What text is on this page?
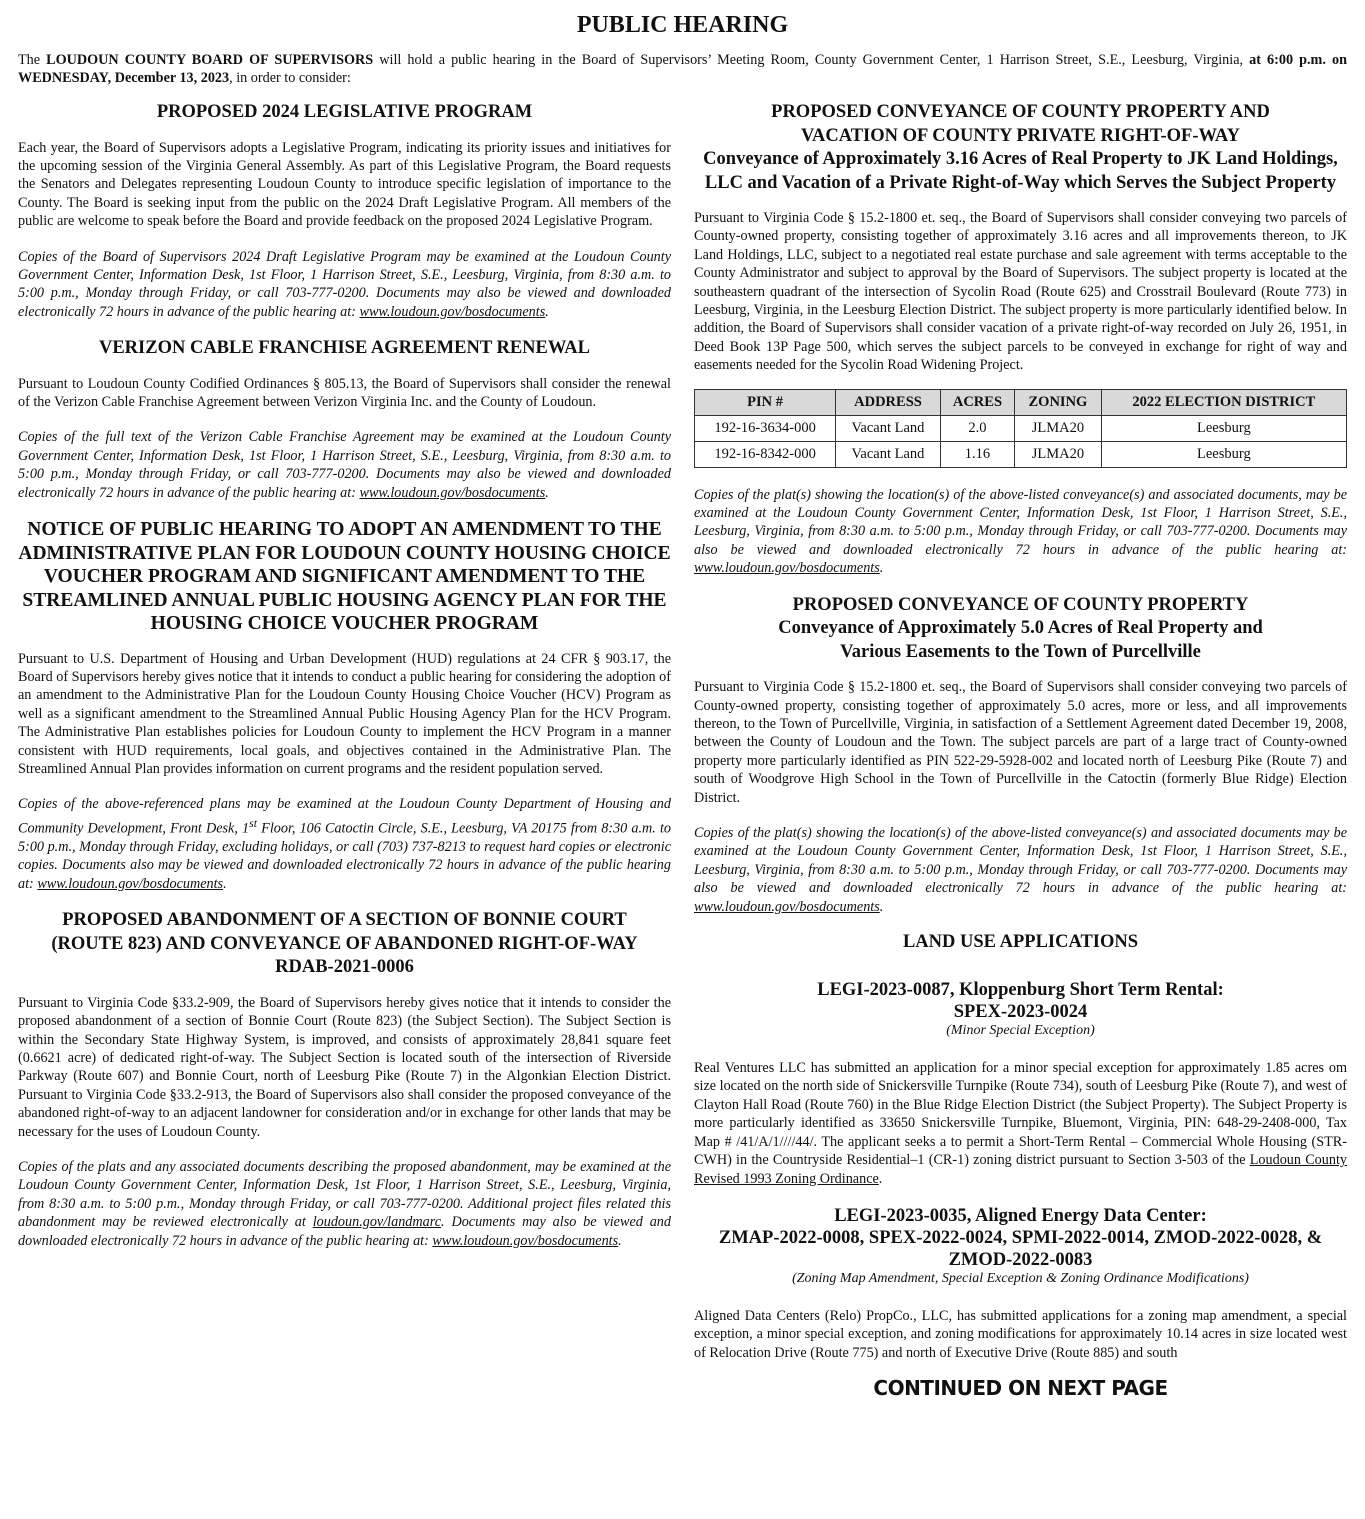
PUBLIC HEARING
The LOUDOUN COUNTY BOARD OF SUPERVISORS will hold a public hearing in the Board of Supervisors’ Meeting Room, County Government Center, 1 Harrison Street, S.E., Leesburg, Virginia, at 6:00 p.m. on WEDNESDAY, December 13, 2023, in order to consider:
PROPOSED 2024 LEGISLATIVE PROGRAM

Each year, the Board of Supervisors adopts a Legislative Program, indicating its priority issues and initiatives for the upcoming session of the Virginia General Assembly. As part of this Legislative Program, the Board requests the Senators and Delegates representing Loudoun County to introduce specific legislation of importance to the County. The Board is seeking input from the public on the 2024 Draft Legislative Program. All members of the public are welcome to speak before the Board and provide feedback on the proposed 2024 Legislative Program.

Copies of the Board of Supervisors 2024 Draft Legislative Program may be examined at the Loudoun County Government Center, Information Desk, 1st Floor, 1 Harrison Street, S.E., Leesburg, Virginia, from 8:30 a.m. to 5:00 p.m., Monday through Friday, or call 703-777-0200. Documents may also be viewed and downloaded electronically 72 hours in advance of the public hearing at: www.loudoun.gov/bosdocuments.

VERIZON CABLE FRANCHISE AGREEMENT RENEWAL

Pursuant to Loudoun County Codified Ordinances § 805.13, the Board of Supervisors shall consider the renewal of the Verizon Cable Franchise Agreement between Verizon Virginia Inc. and the County of Loudoun.

Copies of the full text of the Verizon Cable Franchise Agreement may be examined at the Loudoun County Government Center, Information Desk, 1st Floor, 1 Harrison Street, S.E., Leesburg, Virginia, from 8:30 a.m. to 5:00 p.m., Monday through Friday, or call 703-777-0200. Documents may also be viewed and downloaded electronically 72 hours in advance of the public hearing at: www.loudoun.gov/bosdocuments.

NOTICE OF PUBLIC HEARING TO ADOPT AN AMENDMENT TO THE ADMINISTRATIVE PLAN FOR LOUDOUN COUNTY HOUSING CHOICE VOUCHER PROGRAM AND SIGNIFICANT AMENDMENT TO THE STREAMLINED ANNUAL PUBLIC HOUSING AGENCY PLAN FOR THE HOUSING CHOICE VOUCHER PROGRAM

Pursuant to U.S. Department of Housing and Urban Development (HUD) regulations at 24 CFR § 903.17, the Board of Supervisors hereby gives notice that it intends to conduct a public hearing for considering the adoption of an amendment to the Administrative Plan for the Loudoun County Housing Choice Voucher (HCV) Program as well as a significant amendment to the Streamlined Annual Public Housing Agency Plan for the HCV Program. The Administrative Plan establishes policies for Loudoun County to implement the HCV Program in a manner consistent with HUD requirements, local goals, and objectives contained in the Administrative Plan. The Streamlined Annual Plan provides information on current programs and the resident population served.

Copies of the above-referenced plans may be examined at the Loudoun County Department of Housing and Community Development, Front Desk, 1st Floor, 106 Catoctin Circle, S.E., Leesburg, VA 20175 from 8:30 a.m. to 5:00 p.m., Monday through Friday, excluding holidays, or call (703) 737-8213 to request hard copies or electronic copies. Documents also may be viewed and downloaded electronically 72 hours in advance of the public hearing at: www.loudoun.gov/bosdocuments.

PROPOSED ABANDONMENT OF A SECTION OF BONNIE COURT
(ROUTE 823) AND CONVEYANCE OF ABANDONED RIGHT-OF-WAY
RDAB-2021-0006

Pursuant to Virginia Code §33.2-909, the Board of Supervisors hereby gives notice that it intends to consider the proposed abandonment of a section of Bonnie Court (Route 823) (the Subject Section). The Subject Section is within the Secondary State Highway System, is improved, and consists of approximately 28,841 square feet (0.6621 acre) of dedicated right-of-way. The Subject Section is located south of the intersection of Riverside Parkway (Route 607) and Bonnie Court, north of Leesburg Pike (Route 7) in the Algonkian Election District. Pursuant to Virginia Code §33.2-913, the Board of Supervisors also shall consider the proposed conveyance of the abandoned right-of-way to an adjacent landowner for consideration and/or in exchange for other lands that may be necessary for the uses of Loudoun County.

Copies of the plats and any associated documents describing the proposed abandonment, may be examined at the Loudoun County Government Center, Information Desk, 1st Floor, 1 Harrison Street, S.E., Leesburg, Virginia, from 8:30 a.m. to 5:00 p.m., Monday through Friday, or call 703-777-0200. Additional project files related this abandonment may be reviewed electronically at loudoun.gov/landmarc. Documents may also be viewed and downloaded electronically 72 hours in advance of the public hearing at: www.loudoun.gov/bosdocuments.

PROPOSED CONVEYANCE OF COUNTY PROPERTY AND
VACATION OF COUNTY PRIVATE RIGHT-OF-WAY
Conveyance of Approximately 3.16 Acres of Real Property to JK Land Holdings, LLC and Vacation of a Private Right-of-Way which Serves the Subject Property

Pursuant to Virginia Code § 15.2-1800 et. seq., the Board of Supervisors shall consider conveying two parcels of County-owned property, consisting together of approximately 3.16 acres and all improvements thereon, to JK Land Holdings, LLC, subject to a negotiated real estate purchase and sale agreement with terms acceptable to the County Administrator and subject to approval by the Board of Supervisors. The subject property is located at the southeastern quadrant of the intersection of Sycolin Road (Route 625) and Crosstrail Boulevard (Route 773) in Leesburg, Virginia, in the Leesburg Election District. The subject property is more particularly identified below. In addition, the Board of Supervisors shall consider vacation of a private right-of-way recorded on July 26, 1951, in Deed Book 13P Page 500, which serves the subject parcels to be conveyed in exchange for right of way and easements needed for the Sycolin Road Widening Project.

PIN #	ADDRESS	ACRES	ZONING	2022 ELECTION DISTRICT
192-16-3634-000	Vacant Land	2.0	JLMA20	Leesburg
192-16-8342-000	Vacant Land	1.16	JLMA20	Leesburg

Copies of the plat(s) showing the location(s) of the above-listed conveyance(s) and associated documents, may be examined at the Loudoun County Government Center, Information Desk, 1st Floor, 1 Harrison Street, S.E., Leesburg, Virginia, from 8:30 a.m. to 5:00 p.m., Monday through Friday, or call 703-777-0200. Documents may also be viewed and downloaded electronically 72 hours in advance of the public hearing at: www.loudoun.gov/bosdocuments.

PROPOSED CONVEYANCE OF COUNTY PROPERTY
Conveyance of Approximately 5.0 Acres of Real Property and
Various Easements to the Town of Purcellville

Pursuant to Virginia Code § 15.2-1800 et. seq., the Board of Supervisors shall consider conveying two parcels of County-owned property, consisting together of approximately 5.0 acres, more or less, and all improvements thereon, to the Town of Purcellville, Virginia, in satisfaction of a Settlement Agreement dated December 19, 2008, between the County of Loudoun and the Town. The subject parcels are part of a large tract of County-owned property more particularly identified as PIN 522-29-5928-002 and located north of Leesburg Pike (Route 7) and south of Woodgrove High School in the Town of Purcellville in the Catoctin (formerly Blue Ridge) Election District.

Copies of the plat(s) showing the location(s) of the above-listed conveyance(s) and associated documents may be examined at the Loudoun County Government Center, Information Desk, 1st Floor, 1 Harrison Street, S.E., Leesburg, Virginia, from 8:30 a.m. to 5:00 p.m., Monday through Friday, or call 703-777-0200. Documents may also be viewed and downloaded electronically 72 hours in advance of the public hearing at: www.loudoun.gov/bosdocuments.

LAND USE APPLICATIONS
LEGI-2023-0087, Kloppenburg Short Term Rental:
SPEX-2023-0024
(Minor Special Exception)

Real Ventures LLC has submitted an application for a minor special exception for approximately 1.85 acres om size located on the north side of Snickersville Turnpike (Route 734), south of Leesburg Pike (Route 7), and west of Clayton Hall Road (Route 760) in the Blue Ridge Election District (the Subject Property). The Subject Property is more particularly identified as 33650 Snickersville Turnpike, Bluemont, Virginia, PIN: 648-29-2408-000, Tax Map # /41/A/1////44/. The applicant seeks a to permit a Short-Term Rental – Commercial Whole Housing (STR-CWH) in the Countryside Residential–1 (CR-1) zoning district pursuant to Section 3-503 of the Loudoun County Revised 1993 Zoning Ordinance.

LEGI-2023-0035, Aligned Energy Data Center:
ZMAP-2022-0008, SPEX-2022-0024, SPMI-2022-0014, ZMOD-2022-0028, &
ZMOD-2022-0083
(Zoning Map Amendment, Special Exception & Zoning Ordinance Modifications)

Aligned Data Centers (Relo) PropCo., LLC, has submitted applications for a zoning map amendment, a special exception, a minor special exception, and zoning modifications for approximately 10.14 acres in size located west of Relocation Drive (Route 775) and north of Executive Drive (Route 885) and south

CONTINUED ON NEXT PAGE
